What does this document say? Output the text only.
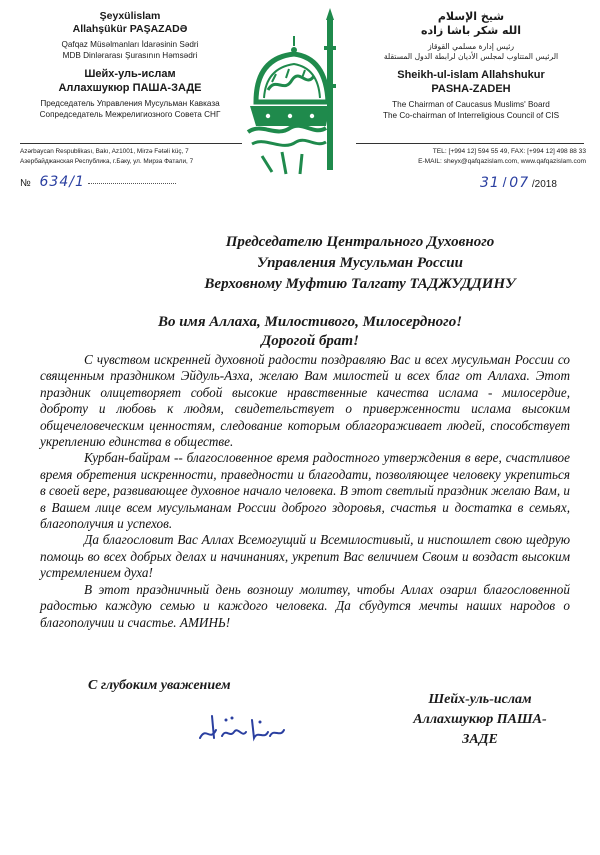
Şeyxülislam
Allahşükür PAŞAZADƏ
Qafqaz Müsəlmanları İdarəsinin Sədri
MDB Dinlərarası Şurasının Həmsədri
Шейх-уль-ислам
Аллахшукюр ПАША-ЗАДЕ
Председатель Управления Мусульман Кавказа
Сопредседатель Межрелигиозного Совета СНГ
شيخ الإسلام
الله شكر باشا زاده
رئيس إدارة مسلمي القوقاز
الرئيس المتتاوب لمجلس الأديان لرابطة الدول المستقلة
Sheikh-ul-islam Allahshukur
PASHA-ZADEH
The Chairman of Caucasus Muslims' Board
The Co-chairman of Interreligious Council of CIS
Azərbaycan Respublikası, Bakı, Az1001, Mirzə Fətəli küç, 7
Азербайджанская Республика, г.Баку, ул. Мирза Фатали, 7
TEL: [+994 12] 594 55 49, FAX: [+994 12] 498 88 33
E-MAIL: sheyx@qafqazislam.com, www.qafqazislam.com
№ 634/1	31 / 07 /2018
Председателю Центрального Духовного
Управления Мусульман России
Верховному Муфтию Талгату ТАДЖУДДИНУ
Во имя Аллаха, Милостивого, Милосердного!
Дорогой брат!

С чувством искренней духовной радости поздравляю Вас и всех мусульман России со священным праздником Эйдуль-Азха, желаю Вам милостей и всех благ от Аллаха. Этот праздник олицетворяет собой высокие нравственные качества ислама - милосердие, доброту и любовь к людям, свидетельствует о приверженности ислама высоким общечеловеческим ценностям, следование которым облагораживает людей, способствует укреплению единства в обществе.

Курбан-байрам -- благословенное время радостного утверждения в вере, счастливое время обретения искренности, праведности и благодати, позволяющее человеку укрепиться в своей вере, развивающее духовное начало человека. В этот светлый праздник желаю Вам, и в Вашем лице всем мусульманам России доброго здоровья, счастья и достатка в семьях, благополучия и успехов.

Да благословит Вас Аллах Всемогущий и Всемилостивый, и ниспошлет свою щедрую помощь во всех добрых делах и начинаниях, укрепит Вас величием Своим и воздаст высоким устремлением духа!

В этот праздничный день возношу молитву, чтобы Аллах озарил благословенной радостью каждую семью и каждого человека. Да сбудутся мечты наших народов о благополучии и счастье. АМИНЬ!

С глубоким уважением
Шейх-уль-ислам
Аллахшукюр ПАША-ЗАДЕ
